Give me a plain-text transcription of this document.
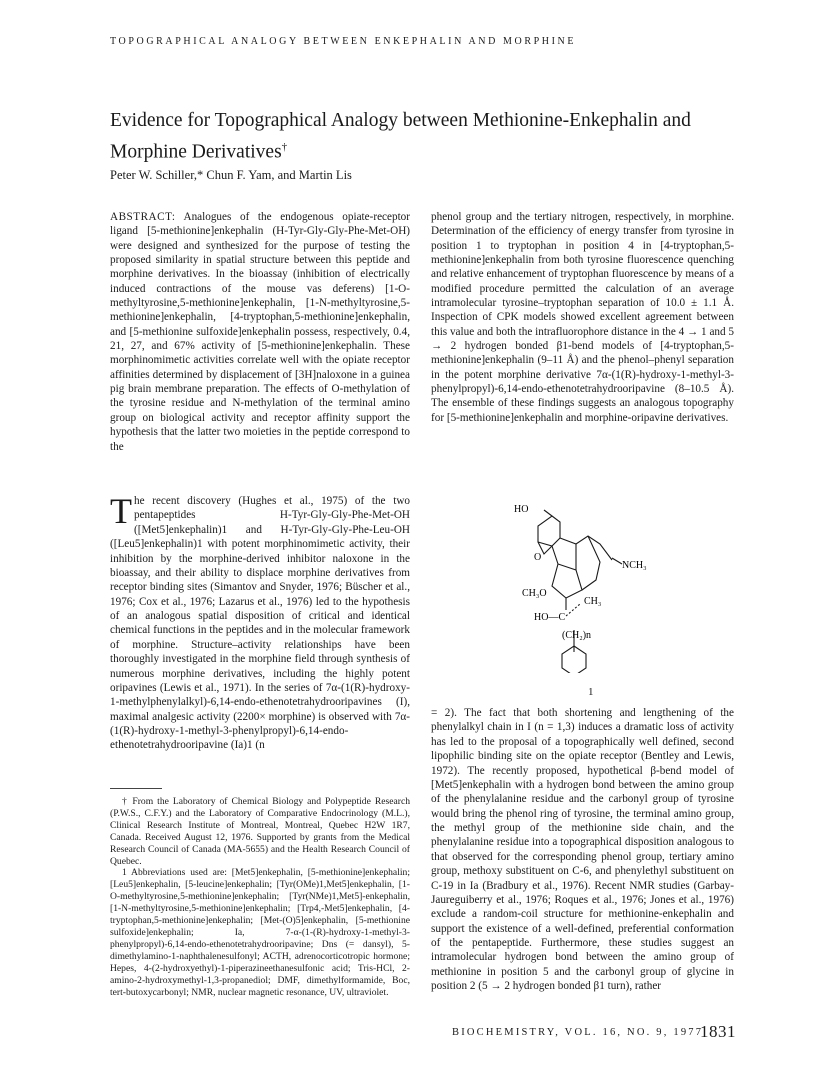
TOPOGRAPHICAL ANALOGY BETWEEN ENKEPHALIN AND MORPHINE
Evidence for Topographical Analogy between Methionine-Enkephalin and Morphine Derivatives†
Peter W. Schiller,* Chun F. Yam, and Martin Lis

ABSTRACT: Analogues of the endogenous opiate-receptor ligand [5-methionine]enkephalin (H-Tyr-Gly-Gly-Phe-Met-OH) were designed and synthesized for the purpose of testing the proposed similarity in spatial structure between this peptide and morphine derivatives. In the bioassay (inhibition of electrically induced contractions of the mouse vas deferens) [1-O-methyltyrosine,5-methionine]enkephalin, [1-N-methyltyrosine,5-methionine]enkephalin, [4-tryptophan,5-methionine]enkephalin, and [5-methionine sulfoxide]enkephalin possess, respectively, 0.4, 21, 27, and 67% activity of [5-methionine]enkephalin. These morphinomimetic activities correlate well with the opiate receptor affinities determined by displacement of [3H]naloxone in a guinea pig brain membrane preparation. The effects of O-methylation of the tyrosine residue and N-methylation of the terminal amino group on biological activity and receptor affinity support the hypothesis that the latter two moieties in the peptide correspond to the

phenol group and the tertiary nitrogen, respectively, in morphine. Determination of the efficiency of energy transfer from tyrosine in position 1 to tryptophan in position 4 in [4-tryptophan,5-methionine]enkephalin from both tyrosine fluorescence quenching and relative enhancement of tryptophan fluorescence by means of a modified procedure permitted the calculation of an average intramolecular tyrosine–tryptophan separation of 10.0 ± 1.1 Å. Inspection of CPK models showed excellent agreement between this value and both the intrafluorophore distance in the 4 → 1 and 5 → 2 hydrogen bonded β1-bend models of [4-tryptophan,5-methionine]enkephalin (9–11 Å) and the phenol–phenyl separation in the potent morphine derivative 7α-(1(R)-hydroxy-1-methyl-3-phenylpropyl)-6,14-endo-ethenotetrahydrooripavine (8–10.5 Å). The ensemble of these findings suggests an analogous topography for [5-methionine]enkephalin and morphine-oripavine derivatives.

The recent discovery (Hughes et al., 1975) of the two pentapeptides H-Tyr-Gly-Gly-Phe-Met-OH ([Met5]enkephalin)1 and H-Tyr-Gly-Gly-Phe-Leu-OH ([Leu5]enkephalin)1 with potent morphinomimetic activity, their inhibition by the morphine-derived inhibitor naloxone in the bioassay, and their ability to displace morphine derivatives from receptor binding sites (Simantov and Snyder, 1976; Büscher et al., 1976; Cox et al., 1976; Lazarus et al., 1976) led to the hypothesis of an analogous spatial disposition of critical and identical chemical functions in the peptides and in the molecular framework of morphine. Structure–activity relationships have been thoroughly investigated in the morphine field through synthesis of numerous morphine derivatives, including the highly potent oripavines (Lewis et al., 1971). In the series of 7α-(1(R)-hydroxy-1-methylphenylalkyl)-6,14-endo-ethenotetrahydrooripavines (I), maximal analgesic activity (2200× morphine) is observed with 7α-(1(R)-hydroxy-1-methyl-3-phenylpropyl)-6,14-endo-ethenotetrahydrooripavine (Ia)1 (n

HO
O
NCH₃
CH₃O
CH₃
HO—C
(CH₂)n
1

= 2). The fact that both shortening and lengthening of the phenylalkyl chain in I (n = 1,3) induces a dramatic loss of activity has led to the proposal of a topographically well defined, second lipophilic binding site on the opiate receptor (Bentley and Lewis, 1972). The recently proposed, hypothetical β-bend model of [Met5]enkephalin with a hydrogen bond between the amino group of the phenylalanine residue and the carbonyl group of tyrosine would bring the phenol ring of tyrosine, the terminal amino group, the methyl group of the methionine side chain, and the phenylalanine residue into a topographical disposition analogous to that observed for the corresponding phenol group, tertiary amino group, methoxy substituent on C-6, and phenylethyl substituent on C-19 in Ia (Bradbury et al., 1976). Recent NMR studies (Garbay-Jaureguiberry et al., 1976; Roques et al., 1976; Jones et al., 1976) exclude a random-coil structure for methionine-enkephalin and support the existence of a well-defined, preferential conformation of the pentapeptide. Furthermore, these studies suggest an intramolecular hydrogen bond between the amino group of methionine in position 5 and the carbonyl group of glycine in position 2 (5 → 2 hydrogen bonded β1 turn), rather

† From the Laboratory of Chemical Biology and Polypeptide Research (P.W.S., C.F.Y.) and the Laboratory of Comparative Endocrinology (M.L.), Clinical Research Institute of Montreal, Montreal, Quebec H2W 1R7, Canada. Received August 12, 1976. Supported by grants from the Medical Research Council of Canada (MA-5655) and the Health Research Council of Quebec.

1 Abbreviations used are: [Met5]enkephalin, [5-methionine]enkephalin; [Leu5]enkephalin, [5-leucine]enkephalin; [Tyr(OMe)1,Met5]enkephalin, [1-O-methyltyrosine,5-methionine]enkephalin; [Tyr(NMe)1,Met5]-enkephalin, [1-N-methyltyrosine,5-methionine]enkephalin; [Trp4,-Met5]enkephalin, [4-tryptophan,5-methionine]enkephalin; [Met-(O)5]enkephalin, [5-methionine sulfoxide]enkephalin; Ia, 7-α-(1-(R)-hydroxy-1-methyl-3-phenylpropyl)-6,14-endo-ethenotetrahydrooripavine; Dns (= dansyl), 5-dimethylamino-1-naphthalenesulfonyl; ACTH, adrenocorticotropic hormone; Hepes, 4-(2-hydroxyethyl)-1-piperazineethanesulfonic acid; Tris-HCl, 2-amino-2-hydroxymethyl-1,3-propanediol; DMF, dimethylformamide, Boc, tert-butoxycarbonyl; NMR, nuclear magnetic resonance, UV, ultraviolet.

BIOCHEMISTRY, VOL. 16, NO. 9, 1977
1831
